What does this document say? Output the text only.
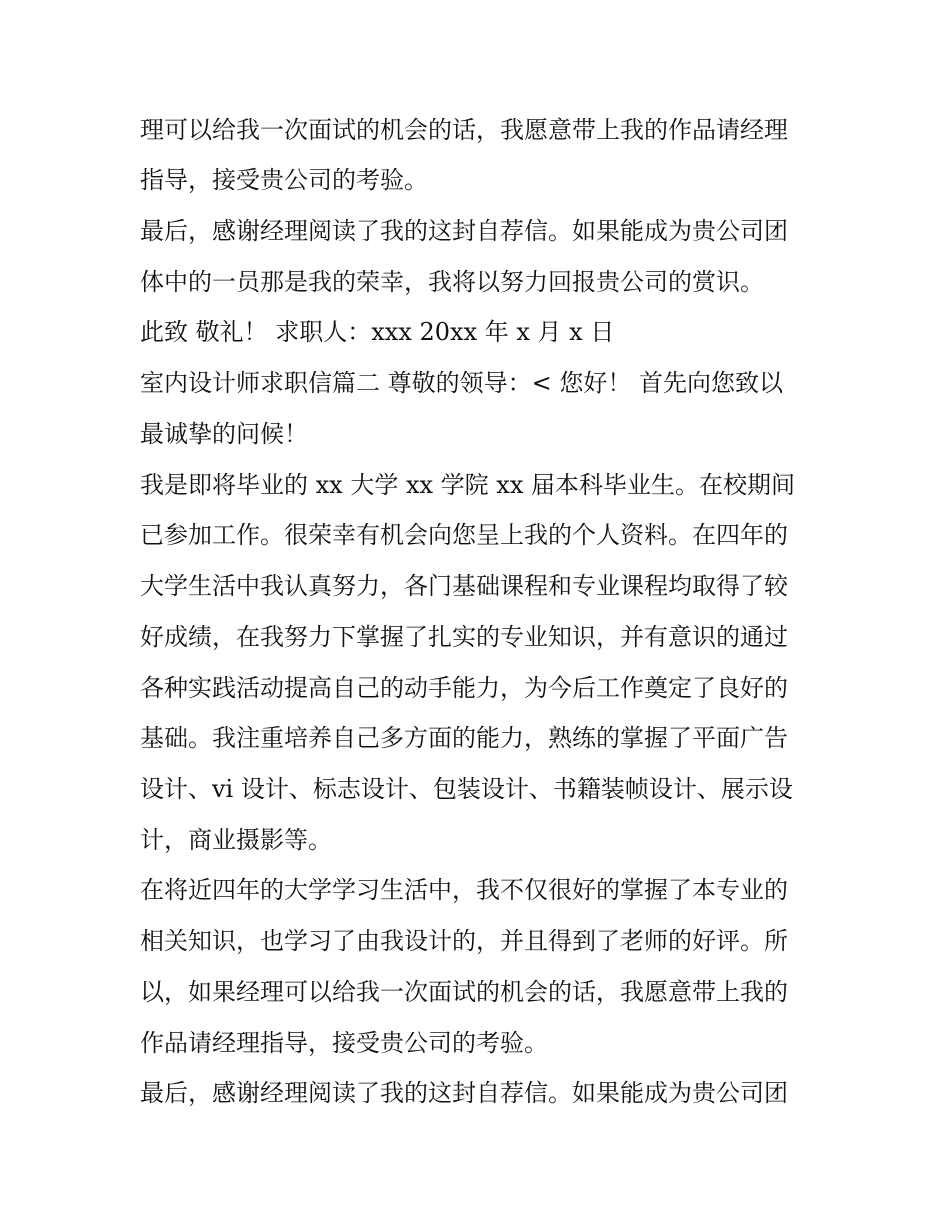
理可以给我一次面试的机会的话，我愿意带上我的作品请经理
指导，接受贵公司的考验。
最后，感谢经理阅读了我的这封自荐信。如果能成为贵公司团
体中的一员那是我的荣幸，我将以努力回报贵公司的赏识。
此致 敬礼！ 求职人：xxx 20xx 年 x 月 x 日
室内设计师求职信篇二 尊敬的领导：< 您好！ 首先向您致以
最诚挚的问候！
我是即将毕业的 xx 大学 xx 学院 xx 届本科毕业生。在校期间
已参加工作。很荣幸有机会向您呈上我的个人资料。在四年的
大学生活中我认真努力，各门基础课程和专业课程均取得了较
好成绩，在我努力下掌握了扎实的专业知识，并有意识的通过
各种实践活动提高自己的动手能力，为今后工作奠定了良好的
基础。我注重培养自己多方面的能力，熟练的掌握了平面广告
设计、vi 设计、标志设计、包装设计、书籍装帧设计、展示设
计，商业摄影等。
在将近四年的大学学习生活中，我不仅很好的掌握了本专业的
相关知识，也学习了由我设计的，并且得到了老师的好评。所
以，如果经理可以给我一次面试的机会的话，我愿意带上我的
作品请经理指导，接受贵公司的考验。
最后，感谢经理阅读了我的这封自荐信。如果能成为贵公司团
